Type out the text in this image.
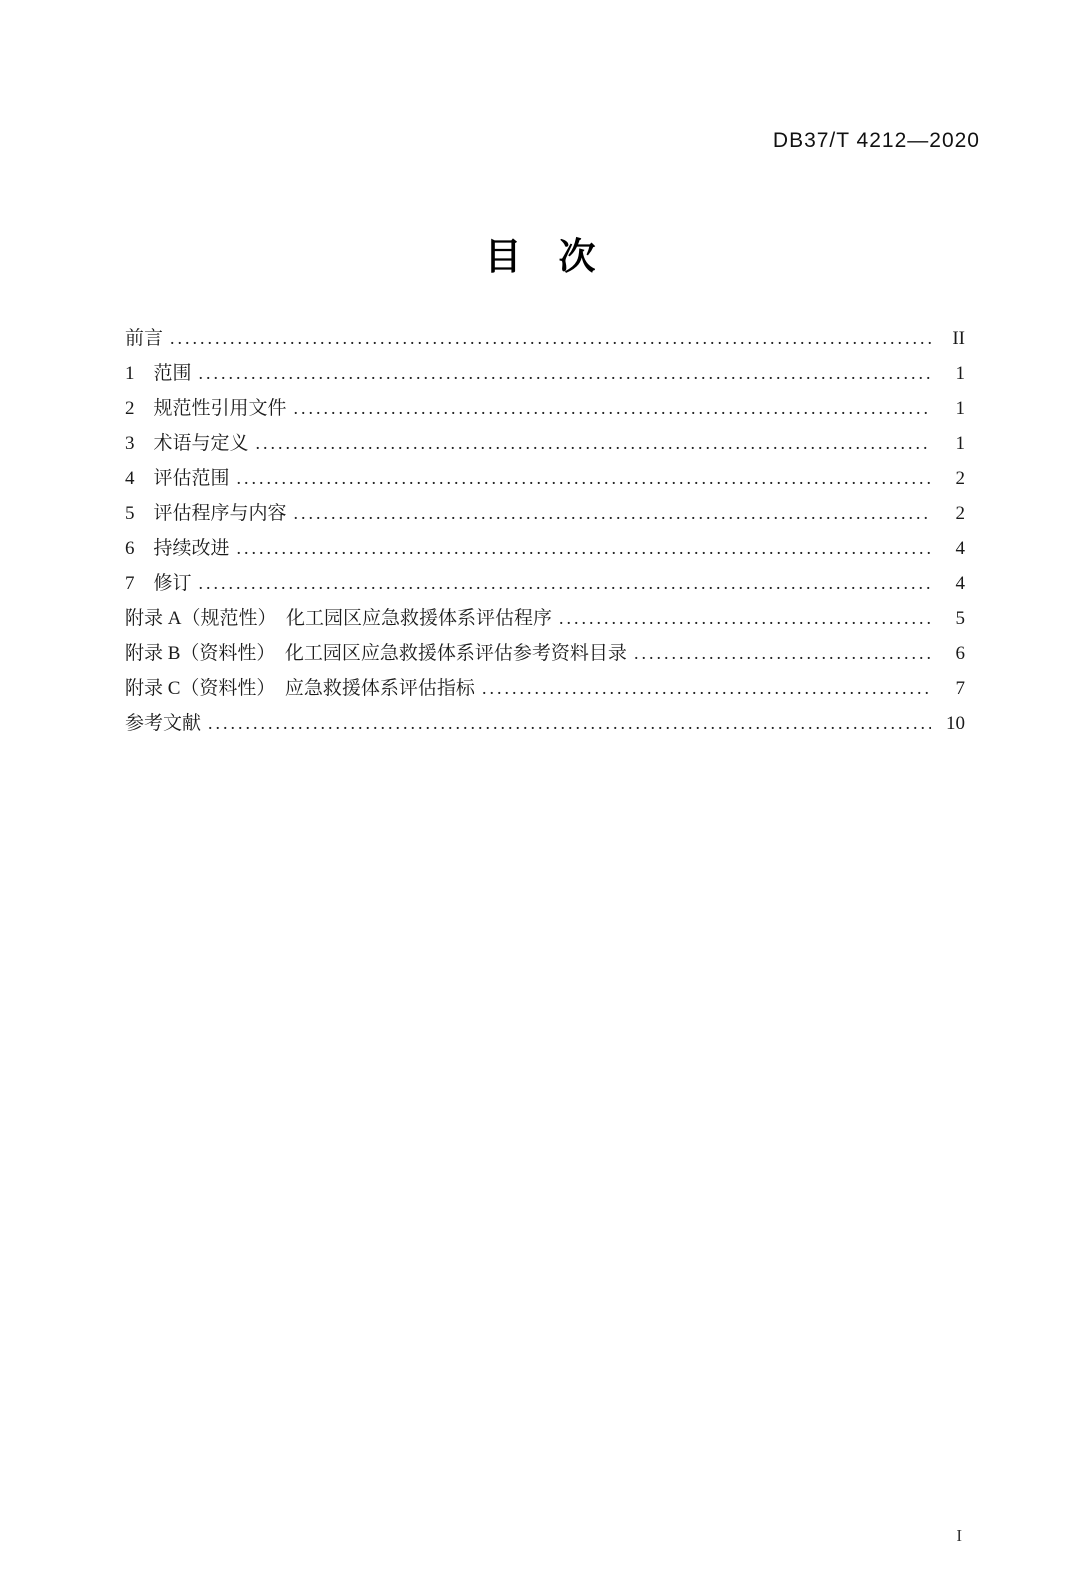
DB37/T 4212—2020
目　次
前言 .....	II
1　范围 .....	1
2　规范性引用文件 .....	1
3　术语与定义 .....	1
4　评估范围 .....	2
5　评估程序与内容 .....	2
6　持续改进 .....	4
7　修订 .....	4
附录 A（规范性）　化工园区应急救援体系评估程序 .....	5
附录 B（资料性）　化工园区应急救援体系评估参考资料目录 .....	6
附录 C（资料性）　应急救援体系评估指标 .....	7
参考文献 .....	10
I
